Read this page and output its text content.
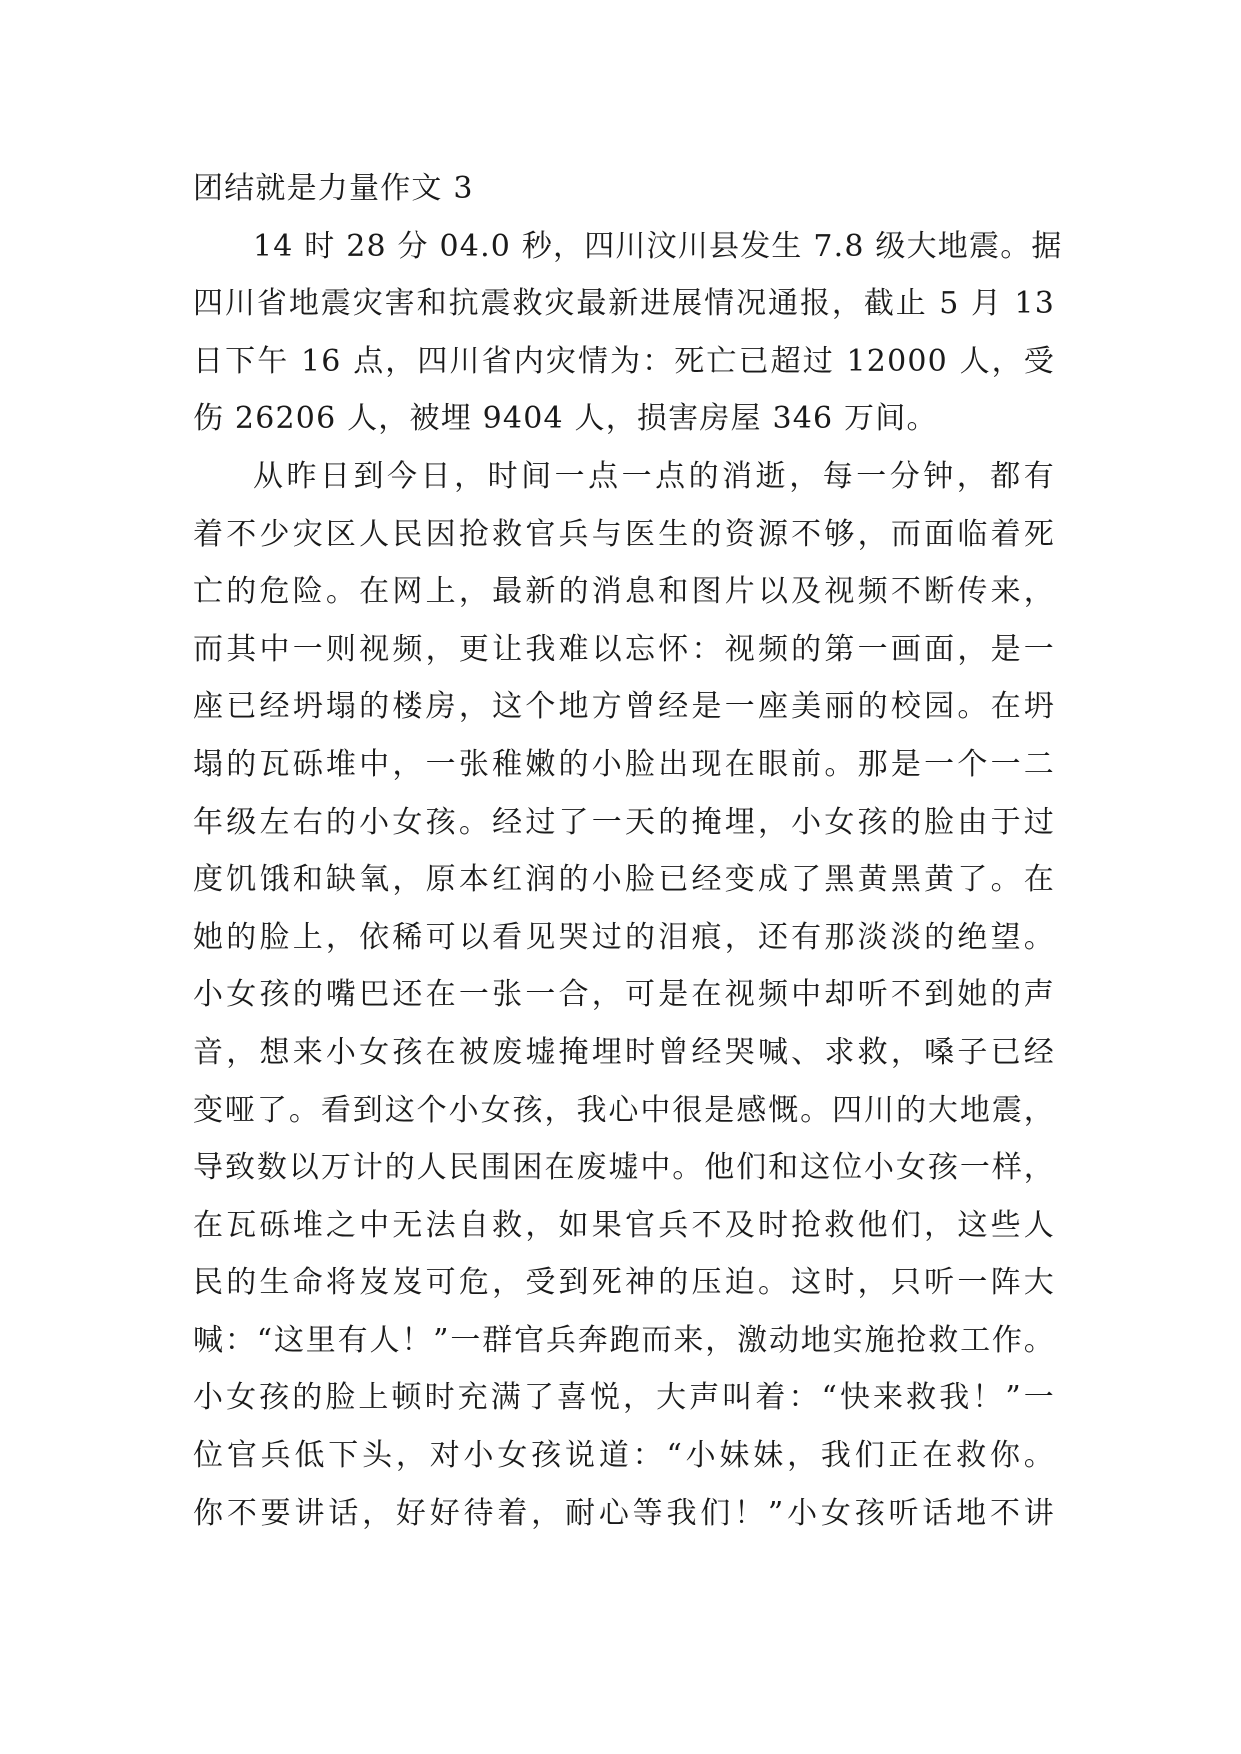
团结就是力量作文 3
14 时 28 分 04.0 秒，四川汶川县发生 7.8 级大地震。据
四川省地震灾害和抗震救灾最新进展情况通报，截止 5 月 13
日下午 16 点，四川省内灾情为：死亡已超过 12000 人，受
伤 26206 人，被埋 9404 人，损害房屋 346 万间。
从昨日到今日，时间一点一点的消逝，每一分钟，都有
着不少灾区人民因抢救官兵与医生的资源不够，而面临着死
亡的危险。在网上，最新的消息和图片以及视频不断传来，
而其中一则视频，更让我难以忘怀：视频的第一画面，是一
座已经坍塌的楼房，这个地方曾经是一座美丽的校园。在坍
塌的瓦砾堆中，一张稚嫩的小脸出现在眼前。那是一个一二
年级左右的小女孩。经过了一天的掩埋，小女孩的脸由于过
度饥饿和缺氧，原本红润的小脸已经变成了黑黄黑黄了。在
她的脸上，依稀可以看见哭过的泪痕，还有那淡淡的绝望。
小女孩的嘴巴还在一张一合，可是在视频中却听不到她的声
音，想来小女孩在被废墟掩埋时曾经哭喊、求救，嗓子已经
变哑了。看到这个小女孩，我心中很是感慨。四川的大地震，
导致数以万计的人民围困在废墟中。他们和这位小女孩一样，
在瓦砾堆之中无法自救，如果官兵不及时抢救他们，这些人
民的生命将岌岌可危，受到死神的压迫。这时，只听一阵大
喊：“这里有人！”一群官兵奔跑而来，激动地实施抢救工作。
小女孩的脸上顿时充满了喜悦，大声叫着：“快来救我！”一
位官兵低下头，对小女孩说道：“小妹妹，我们正在救你。
你不要讲话，好好待着，耐心等我们！”小女孩听话地不讲
